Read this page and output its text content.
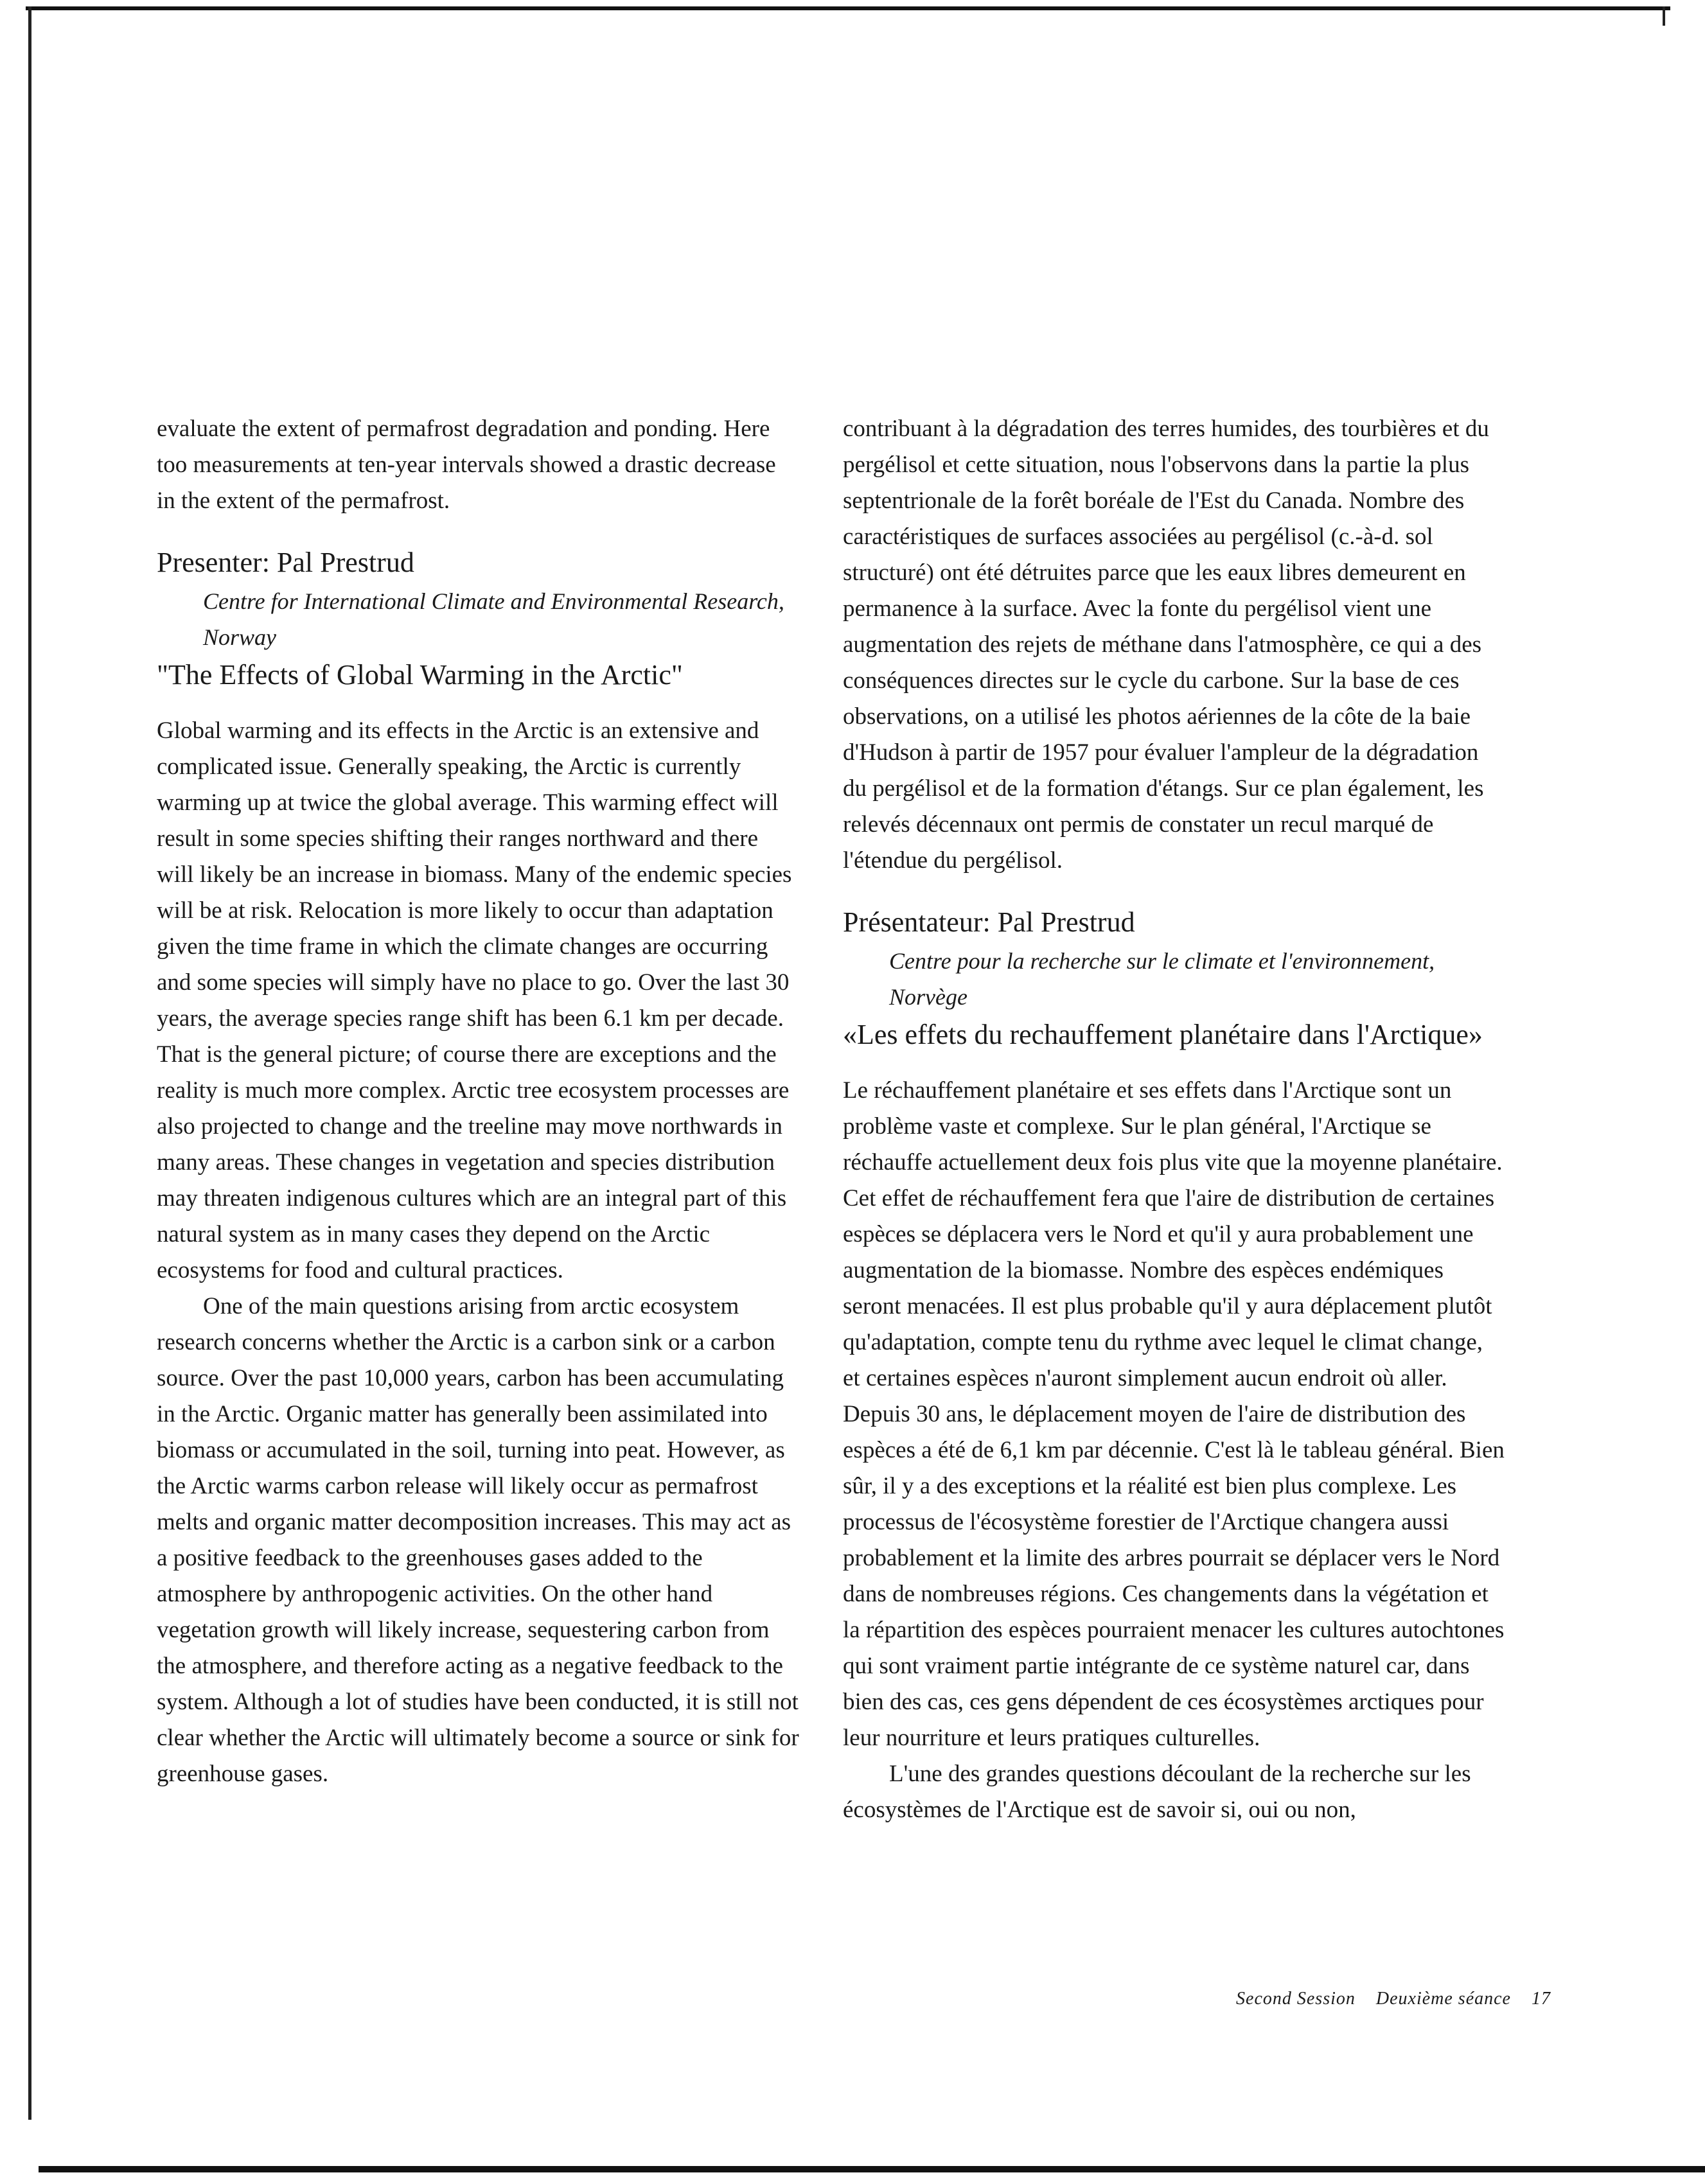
evaluate the extent of permafrost degradation and ponding. Here too measurements at ten-year intervals showed a drastic decrease in the extent of the permafrost.

Presenter: Pal Prestrud
Centre for International Climate and Environmental Research, Norway
"The Effects of Global Warming in the Arctic"

Global warming and its effects in the Arctic is an extensive and complicated issue. Generally speaking, the Arctic is currently warming up at twice the global average. This warming effect will result in some species shifting their ranges northward and there will likely be an increase in biomass. Many of the endemic species will be at risk. Relocation is more likely to occur than adaptation given the time frame in which the climate changes are occurring and some species will simply have no place to go. Over the last 30 years, the average species range shift has been 6.1 km per decade. That is the general picture; of course there are exceptions and the reality is much more complex. Arctic tree ecosystem processes are also projected to change and the treeline may move northwards in many areas. These changes in vegetation and species distribution may threaten indigenous cultures which are an integral part of this natural system as in many cases they depend on the Arctic ecosystems for food and cultural practices.

One of the main questions arising from arctic ecosystem research concerns whether the Arctic is a carbon sink or a carbon source. Over the past 10,000 years, carbon has been accumulating in the Arctic. Organic matter has generally been assimilated into biomass or accumulated in the soil, turning into peat. However, as the Arctic warms carbon release will likely occur as permafrost melts and organic matter decomposition increases. This may act as a positive feedback to the greenhouses gases added to the atmosphere by anthropogenic activities. On the other hand vegetation growth will likely increase, sequestering carbon from the atmosphere, and therefore acting as a negative feedback to the system. Although a lot of studies have been conducted, it is still not clear whether the Arctic will ultimately become a source or sink for greenhouse gases.

contribuant à la dégradation des terres humides, des tourbières et du pergélisol et cette situation, nous l'observons dans la partie la plus septentrionale de la forêt boréale de l'Est du Canada. Nombre des caractéristiques de surfaces associées au pergélisol (c.-à-d. sol structuré) ont été détruites parce que les eaux libres demeurent en permanence à la surface. Avec la fonte du pergélisol vient une augmentation des rejets de méthane dans l'atmosphère, ce qui a des conséquences directes sur le cycle du carbone. Sur la base de ces observations, on a utilisé les photos aériennes de la côte de la baie d'Hudson à partir de 1957 pour évaluer l'ampleur de la dégradation du pergélisol et de la formation d'étangs. Sur ce plan également, les relevés décennaux ont permis de constater un recul marqué de l'étendue du pergélisol.

Présentateur: Pal Prestrud
Centre pour la recherche sur le climate et l'environnement, Norvège
«Les effets du rechauffement planétaire dans l'Arctique»

Le réchauffement planétaire et ses effets dans l'Arctique sont un problème vaste et complexe. Sur le plan général, l'Arctique se réchauffe actuellement deux fois plus vite que la moyenne planétaire. Cet effet de réchauffement fera que l'aire de distribution de certaines espèces se déplacera vers le Nord et qu'il y aura probablement une augmentation de la biomasse. Nombre des espèces endémiques seront menacées. Il est plus probable qu'il y aura déplacement plutôt qu'adaptation, compte tenu du rythme avec lequel le climat change, et certaines espèces n'auront simplement aucun endroit où aller. Depuis 30 ans, le déplacement moyen de l'aire de distribution des espèces a été de 6,1 km par décennie. C'est là le tableau général. Bien sûr, il y a des exceptions et la réalité est bien plus complexe. Les processus de l'écosystème forestier de l'Arctique changera aussi probablement et la limite des arbres pourrait se déplacer vers le Nord dans de nombreuses régions. Ces changements dans la végétation et la répartition des espèces pourraient menacer les cultures autochtones qui sont vraiment partie intégrante de ce système naturel car, dans bien des cas, ces gens dépendent de ces écosystèmes arctiques pour leur nourriture et leurs pratiques culturelles.

L'une des grandes questions découlant de la recherche sur les écosystèmes de l'Arctique est de savoir si, oui ou non,

Second Session Deuxième séance 17
